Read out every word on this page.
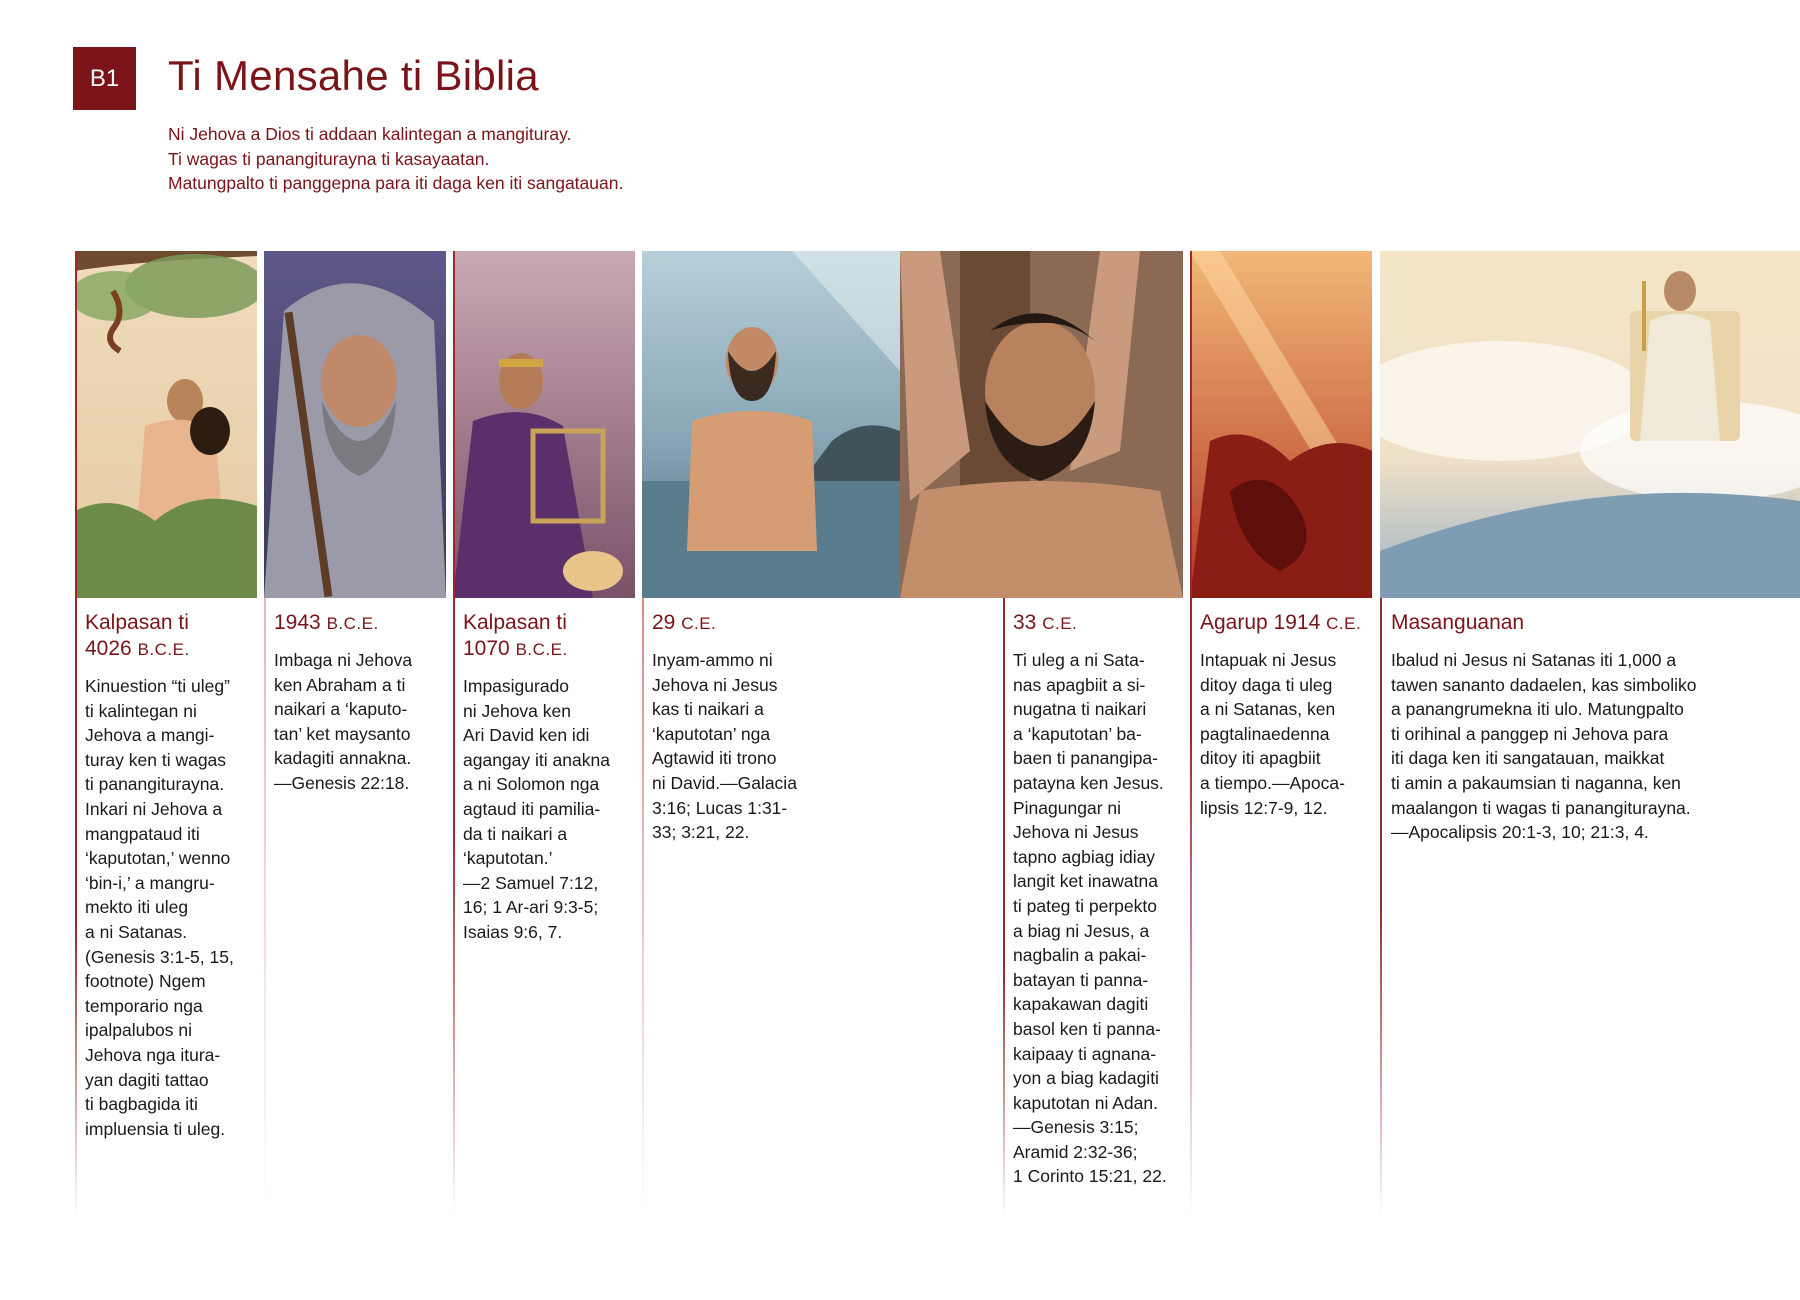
B1 Ti Mensahe ti Biblia
Ni Jehova a Dios ti addaan kalintegan a mangituray.
Ti wagas ti panangiturayna ti kasayaatan.
Matungpalto ti panggepna para iti daga ken iti sangatauan.
Kalpasan ti
4026 B.C.E.
Kinuestion “ti uleg”
ti kalintegan ni
Jehova a mangi-
turay ken ti wagas
ti panangiturayna.
Inkari ni Jehova a
mangpataud iti
‘kaputotan,’ wenno
‘bin-i,’ a mangru-
mekto iti uleg
a ni Satanas.
(Genesis 3:1-5, 15,
footnote) Ngem
temporario nga
ipalpalubos ni
Jehova nga itura-
yan dagiti tattao
ti bagbagida iti
impluensia ti uleg.
1943 B.C.E.
Imbaga ni Jehova
ken Abraham a ti
naikari a ‘kaputo-
tan’ ket maysanto
kadagiti annakna.
—Genesis 22:18.
Kalpasan ti
1070 B.C.E.
Impasigurado
ni Jehova ken
Ari David ken idi
agangay iti anakna
a ni Solomon nga
agtaud iti pamilia-
da ti naikari a
‘kaputotan.’
—2 Samuel 7:12,
16; 1 Ar-ari 9:3-5;
Isaias 9:6, 7.
29 C.E.
Inyam-ammo ni
Jehova ni Jesus
kas ti naikari a
‘kaputotan’ nga
Agtawid iti trono
ni David.—Galacia
3:16; Lucas 1:31-
33; 3:21, 22.
33 C.E.
Ti uleg a ni Sata-
nas apagbiit a si-
nugatna ti naikari
a ‘kaputotan’ ba-
baen ti panangipa-
patayna ken Jesus.
Pinagungar ni
Jehova ni Jesus
tapno agbiag idiay
langit ket inawatna
ti pateg ti perpekto
a biag ni Jesus, a
nagbalin a pakai-
batayan ti panna-
kapakawan dagiti
basol ken ti panna-
kaipaay ti agnana-
yon a biag kadagiti
kaputotan ni Adan.
—Genesis 3:15;
Aramid 2:32-36;
1 Corinto 15:21, 22.
Agarup 1914 C.E.
Intapuak ni Jesus
ditoy daga ti uleg
a ni Satanas, ken
pagtalinaedenna
ditoy iti apagbiit
a tiempo.—Apoca-
lipsis 12:7-9, 12.
Masanguanan
Ibalud ni Jesus ni Satanas iti 1,000 a
tawen sananto dadaelen, kas simboliko
a panangrumekna iti ulo. Matungpalto
ti orihinal a panggep ni Jehova para
iti daga ken iti sangatauan, maikkat
ti amin a pakaumsian ti naganna, ken
maalangon ti wagas ti panangiturayna.
—Apocalipsis 20:1-3, 10; 21:3, 4.
